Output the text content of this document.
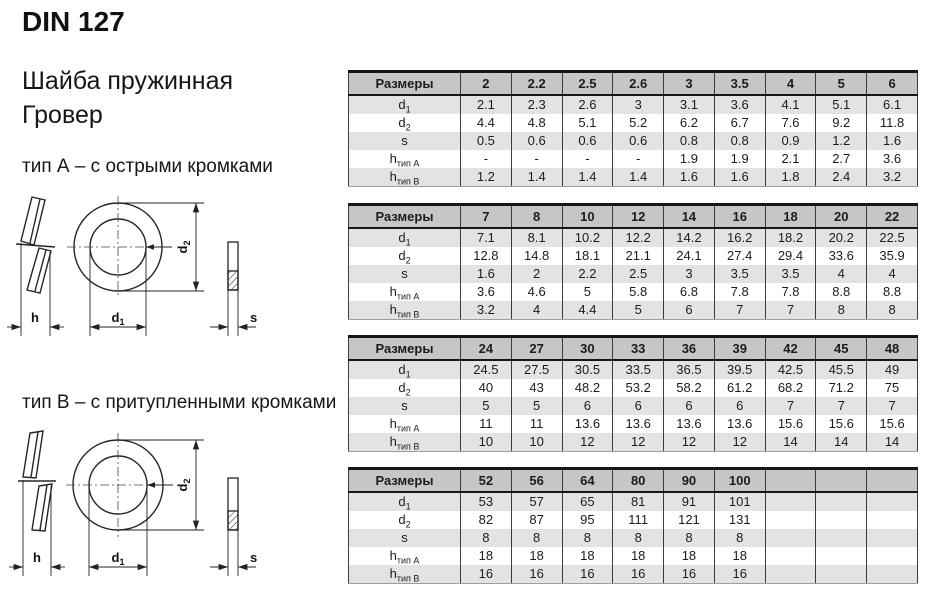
DIN 127
Шайба пружинная
Гровер
тип А – с острыми кромками
тип В – с притупленными кромками
h	$d_1$
$d_2$
s
h	$d_1$
$d_2$
s
Размеры	2	2.2	2.5	2.6	3	3.5	4	5	6
$d_1$	2.1	2.3	2.6	3	3.1	3.6	4.1	5.1	6.1
$d_2$	4.4	4.8	5.1	5.2	6.2	6.7	7.6	9.2	11.8
s	0.5	0.6	0.6	0.6	0.8	0.8	0.9	1.2	1.6
$h_{тип A}$	-	-	-	-	1.9	1.9	2.1	2.7	3.6
$h_{тип B}$	1.2	1.4	1.4	1.4	1.6	1.6	1.8	2.4	3.2
Размеры	7	8	10	12	14	16	18	20	22
$d_1$	7.1	8.1	10.2	12.2	14.2	16.2	18.2	20.2	22.5
$d_2$	12.8	14.8	18.1	21.1	24.1	27.4	29.4	33.6	35.9
s	1.6	2	2.2	2.5	3	3.5	3.5	4	4
$h_{тип A}$	3.6	4.6	5	5.8	6.8	7.8	7.8	8.8	8.8
$h_{тип B}$	3.2	4	4.4	5	6	7	7	8	8
Размеры	24	27	30	33	36	39	42	45	48
$d_1$	24.5	27.5	30.5	33.5	36.5	39.5	42.5	45.5	49
$d_2$	40	43	48.2	53.2	58.2	61.2	68.2	71.2	75
s	5	5	6	6	6	6	7	7	7
$h_{тип A}$	11	11	13.6	13.6	13.6	13.6	15.6	15.6	15.6
$h_{тип B}$	10	10	12	12	12	12	14	14	14
Размеры	52	56	64	80	90	100			
$d_1$	53	57	65	81	91	101			
$d_2$	82	87	95	111	121	131			
s	8	8	8	8	8	8			
$h_{тип A}$	18	18	18	18	18	18			
$h_{тип B}$	16	16	16	16	16	16			
